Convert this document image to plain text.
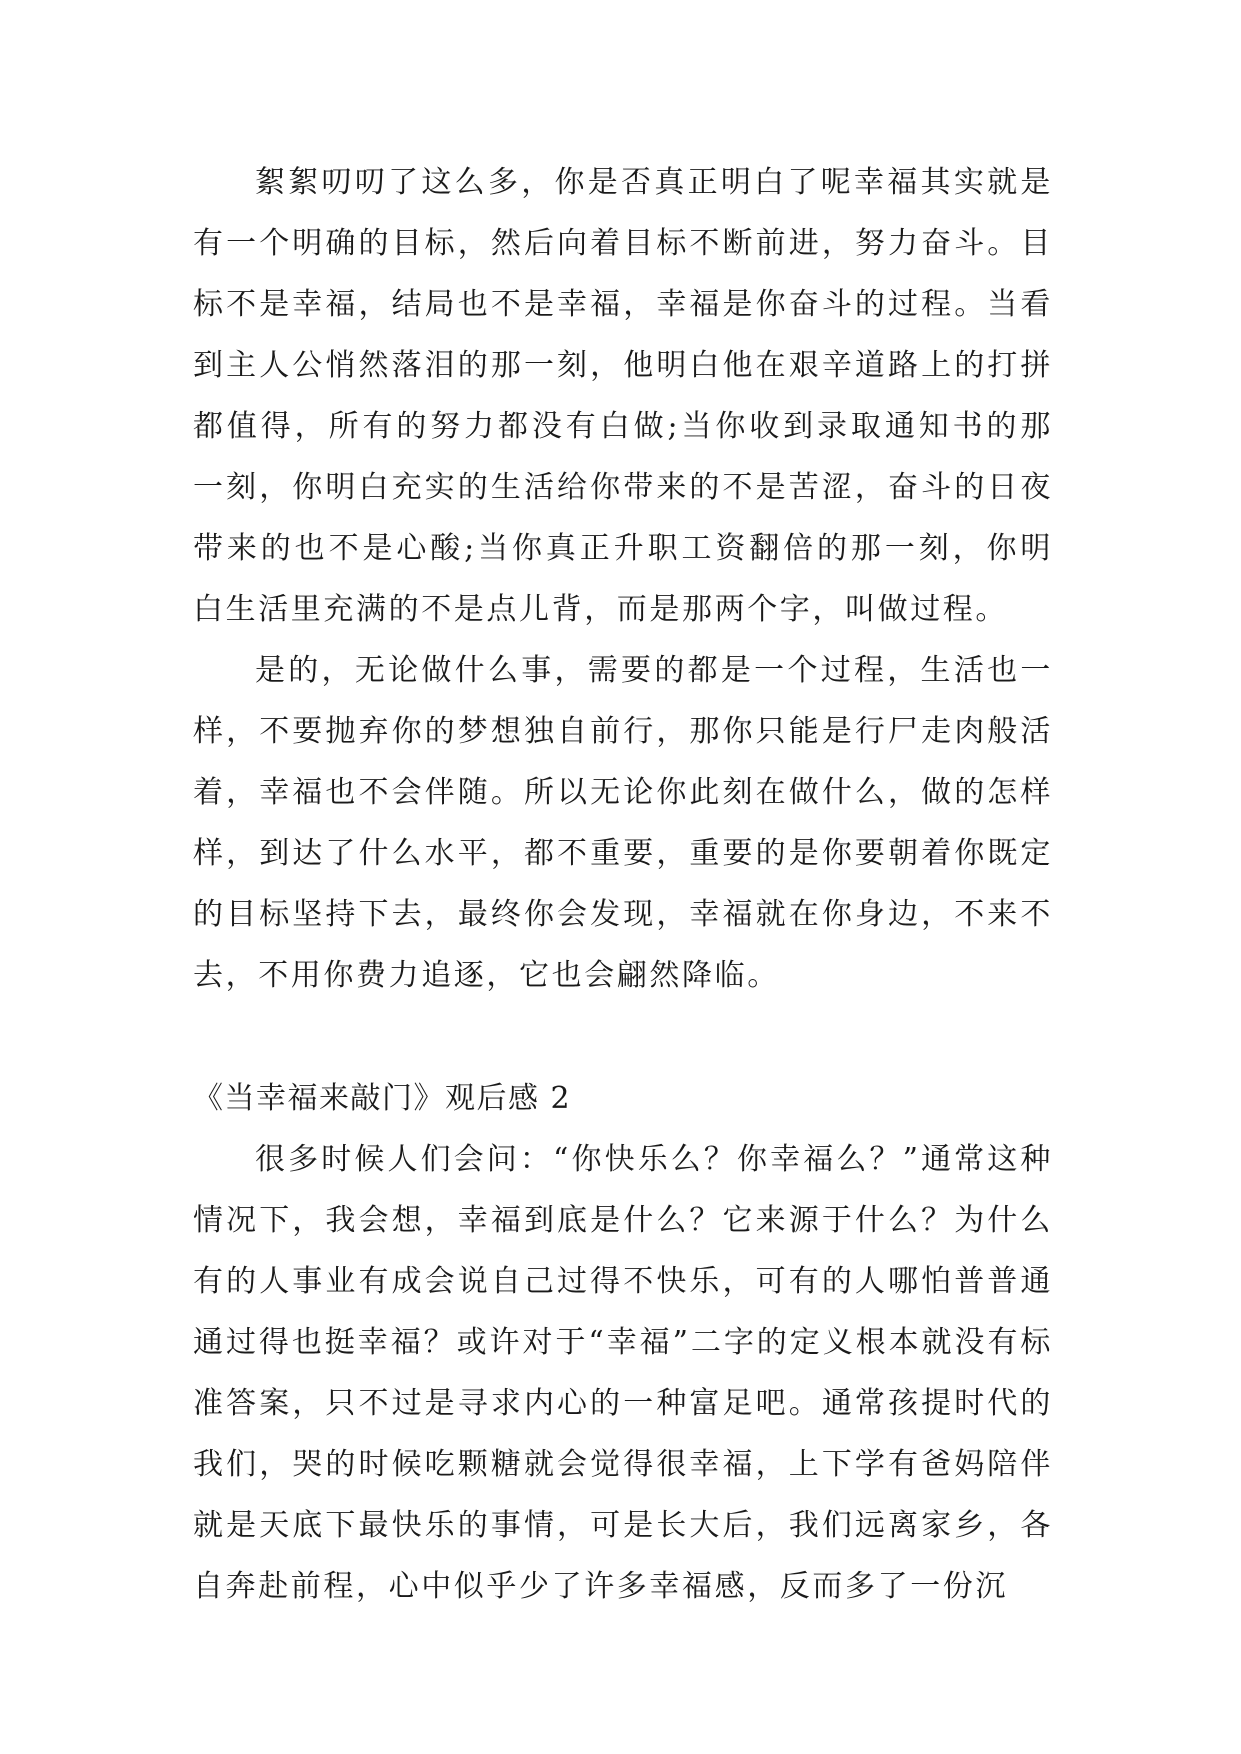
絮絮叨叨了这么多，你是否真正明白了呢幸福其实就是有一个明确的目标，然后向着目标不断前进，努力奋斗。目标不是幸福，结局也不是幸福，幸福是你奋斗的过程。当看到主人公悄然落泪的那一刻，他明白他在艰辛道路上的打拼都值得，所有的努力都没有白做;当你收到录取通知书的那一刻，你明白充实的生活给你带来的不是苦涩，奋斗的日夜带来的也不是心酸;当你真正升职工资翻倍的那一刻，你明白生活里充满的不是点儿背，而是那两个字，叫做过程。

是的，无论做什么事，需要的都是一个过程，生活也一样，不要抛弃你的梦想独自前行，那你只能是行尸走肉般活着，幸福也不会伴随。所以无论你此刻在做什么，做的怎样样，到达了什么水平，都不重要，重要的是你要朝着你既定的目标坚持下去，最终你会发现，幸福就在你身边，不来不去，不用你费力追逐，它也会翩然降临。

《当幸福来敲门》观后感 2

很多时候人们会问：“你快乐么？你幸福么？”通常这种情况下，我会想，幸福到底是什么？它来源于什么？为什么有的人事业有成会说自己过得不快乐，可有的人哪怕普普通通过得也挺幸福？或许对于“幸福”二字的定义根本就没有标准答案，只不过是寻求内心的一种富足吧。通常孩提时代的我们，哭的时候吃颗糖就会觉得很幸福，上下学有爸妈陪伴就是天底下最快乐的事情，可是长大后，我们远离家乡，各自奔赴前程，心中似乎少了许多幸福感，反而多了一份沉
